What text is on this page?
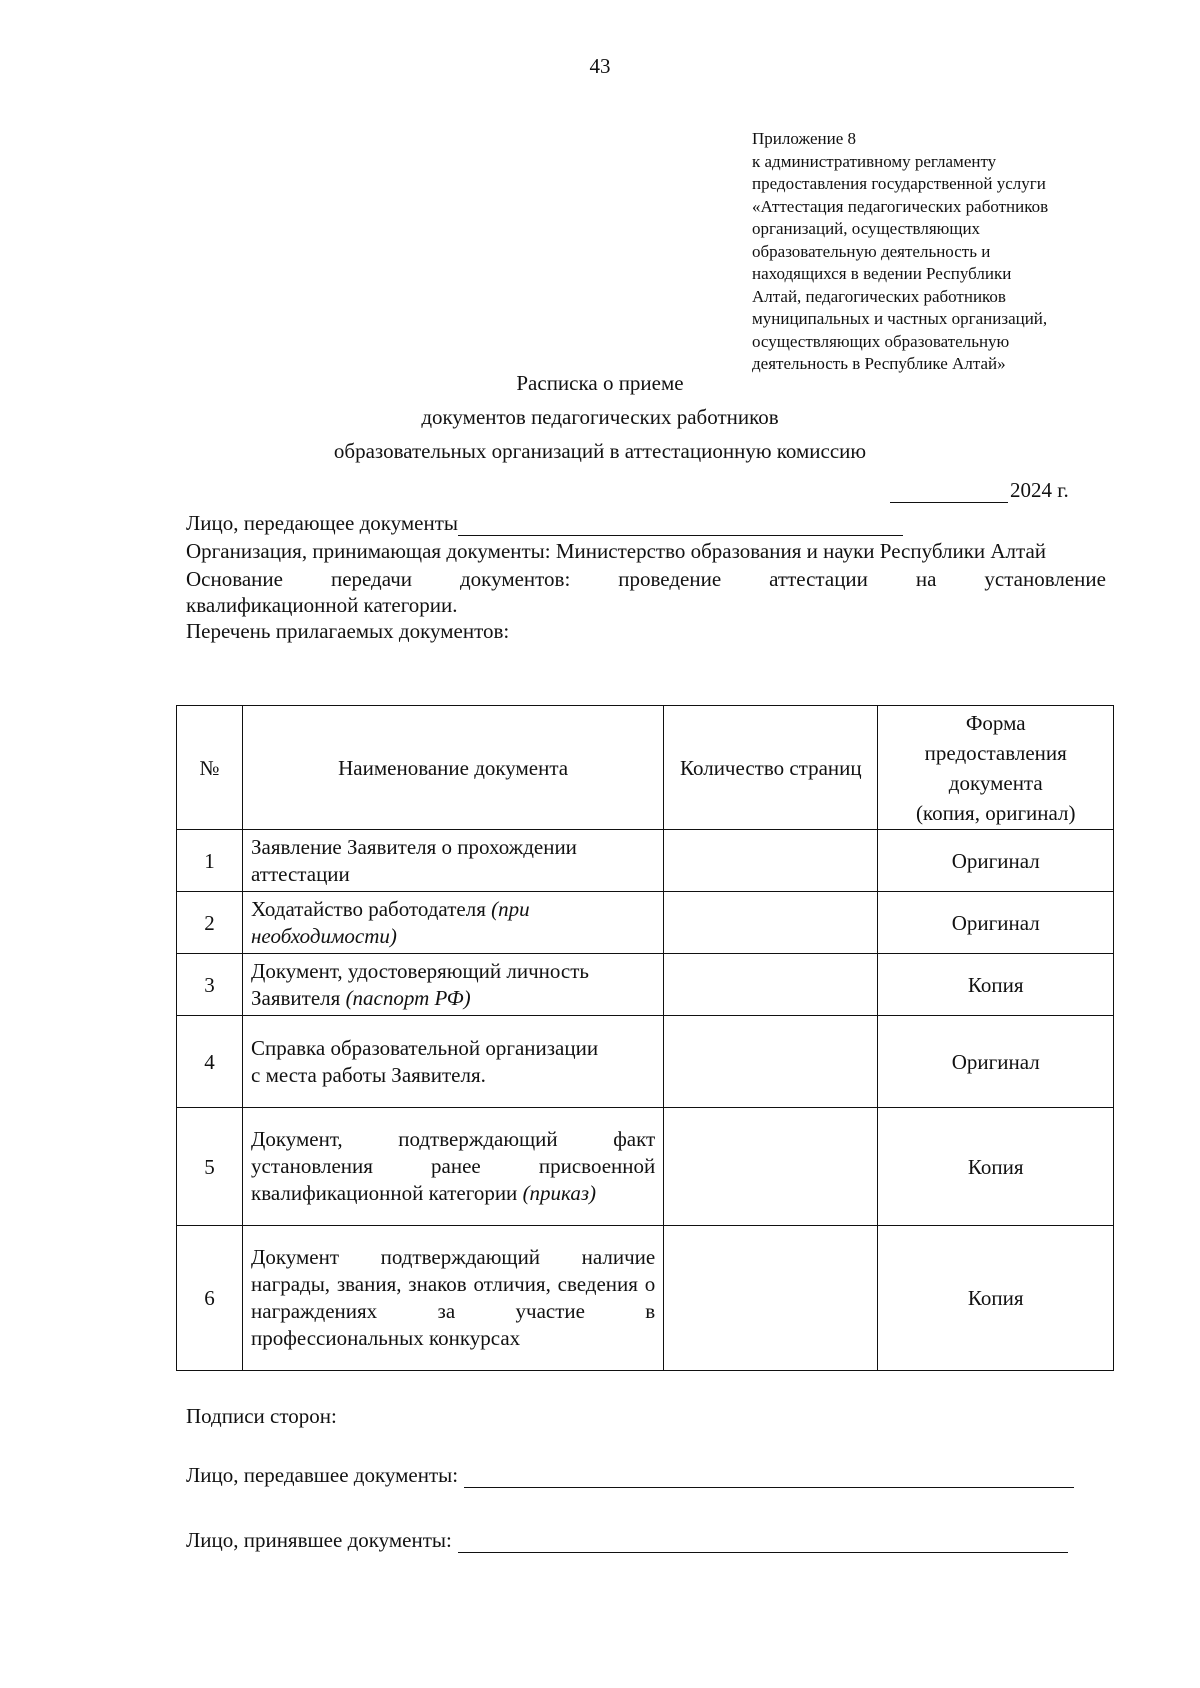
43
Приложение 8
к административному регламенту
предоставления государственной услуги
«Аттестация педагогических работников
организаций, осуществляющих
образовательную деятельность и
находящихся в ведении Республики
Алтай, педагогических работников
муниципальных и частных организаций,
осуществляющих образовательную
деятельность в Республике Алтай»
Расписка о приеме
документов педагогических работников
образовательных организаций в аттестационную комиссию
2024 г.

Лицо, передающее документы

Организация, принимающая документы: Министерство образования и науки Республики Алтай

Основание передачи документов: проведение аттестации на установление

квалификационной категории.

Перечень прилагаемых документов:

№	Наименование документа	Количество страниц	Форма
предоставления
документа
(копия, оригинал)

1	Заявление Заявителя о прохождении аттестации		Оригинал
2	Ходатайство работодателя (при необходимости)		Оригинал
3	Документ, удостоверяющий личность Заявителя (паспорт РФ)		Копия
4	Справка образовательной организации с места работы Заявителя.		Оригинал
5	Документ, подтверждающий факт установления ранее присвоенной квалификационной категории (приказ)		Копия
6	Документ подтверждающий наличие награды, звания, знаков отличия, сведения о награждениях за участие в профессиональных конкурсах		Копия
Подписи сторон:
Лицо, передавшее документы:
Лицо, принявшее документы:
